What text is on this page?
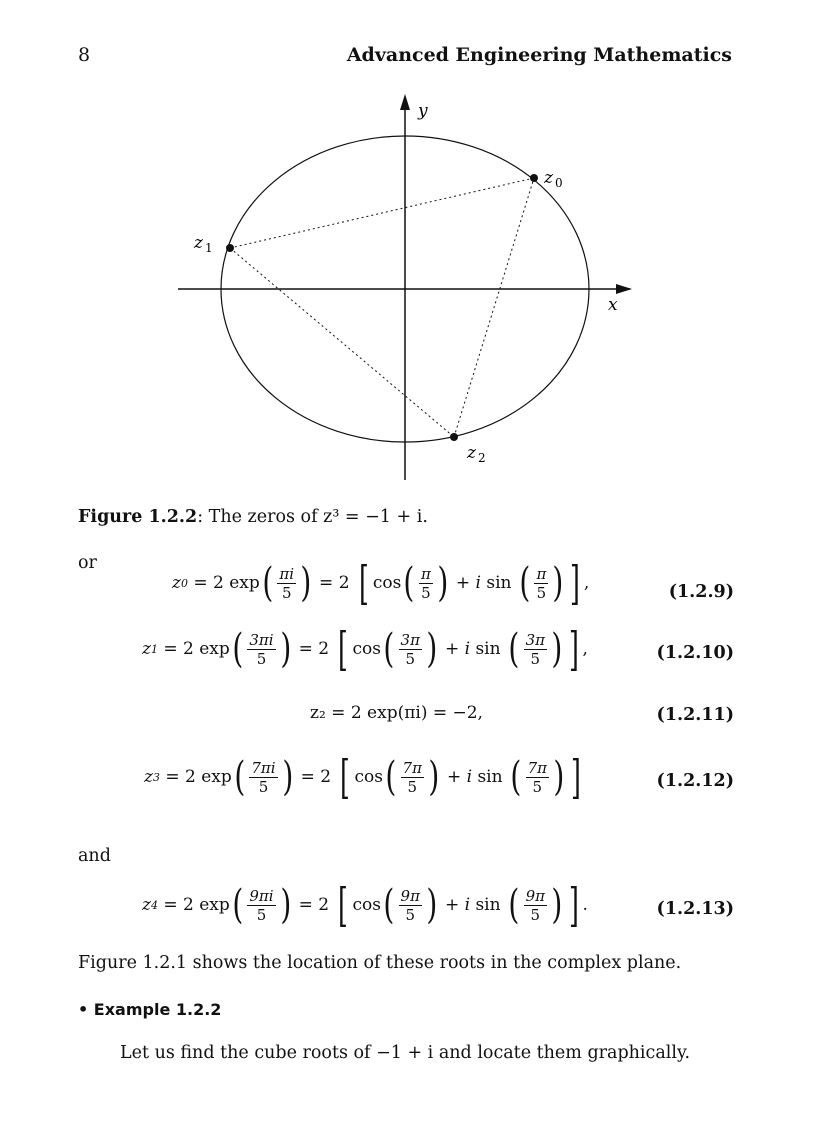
8	Advanced Engineering Mathematics
y
x
z $_0$
z $_1$
z $_2$
Figure 1.2.2: The zeros of z³ = −1 + i.
or
z 0
= 2 exp ( $\frac{\pi i}{5}$ ) = 2 [ cos ( $\frac{\pi}{5}$ ) + i sin ( $\frac{\pi}{5}$ ) ] ,	(1.2.9)
z 1
= 2 exp ( $\frac{3\pi i}{5}$ ) = 2 [ cos ( $\frac{3\pi}{5}$ ) + i sin ( $\frac{3\pi}{5}$ ) ] ,	(1.2.10)
z₂ = 2 exp(πi) = −2,	(1.2.11)
z 3
= 2 exp ( $\frac{7\pi i}{5}$ ) = 2 [ cos ( $\frac{7\pi}{5}$ ) + i sin ( $\frac{7\pi}{5}$ ) ]	(1.2.12)
and
z 4
= 2 exp ( $\frac{9\pi i}{5}$ ) = 2 [ cos ( $\frac{9\pi}{5}$ ) + i sin ( $\frac{9\pi}{5}$ ) ] .	(1.2.13)
Figure 1.2.1 shows the location of these roots in the complex plane.
• Example 1.2.2
Let us find the cube roots of −1 + i and locate them graphically.
